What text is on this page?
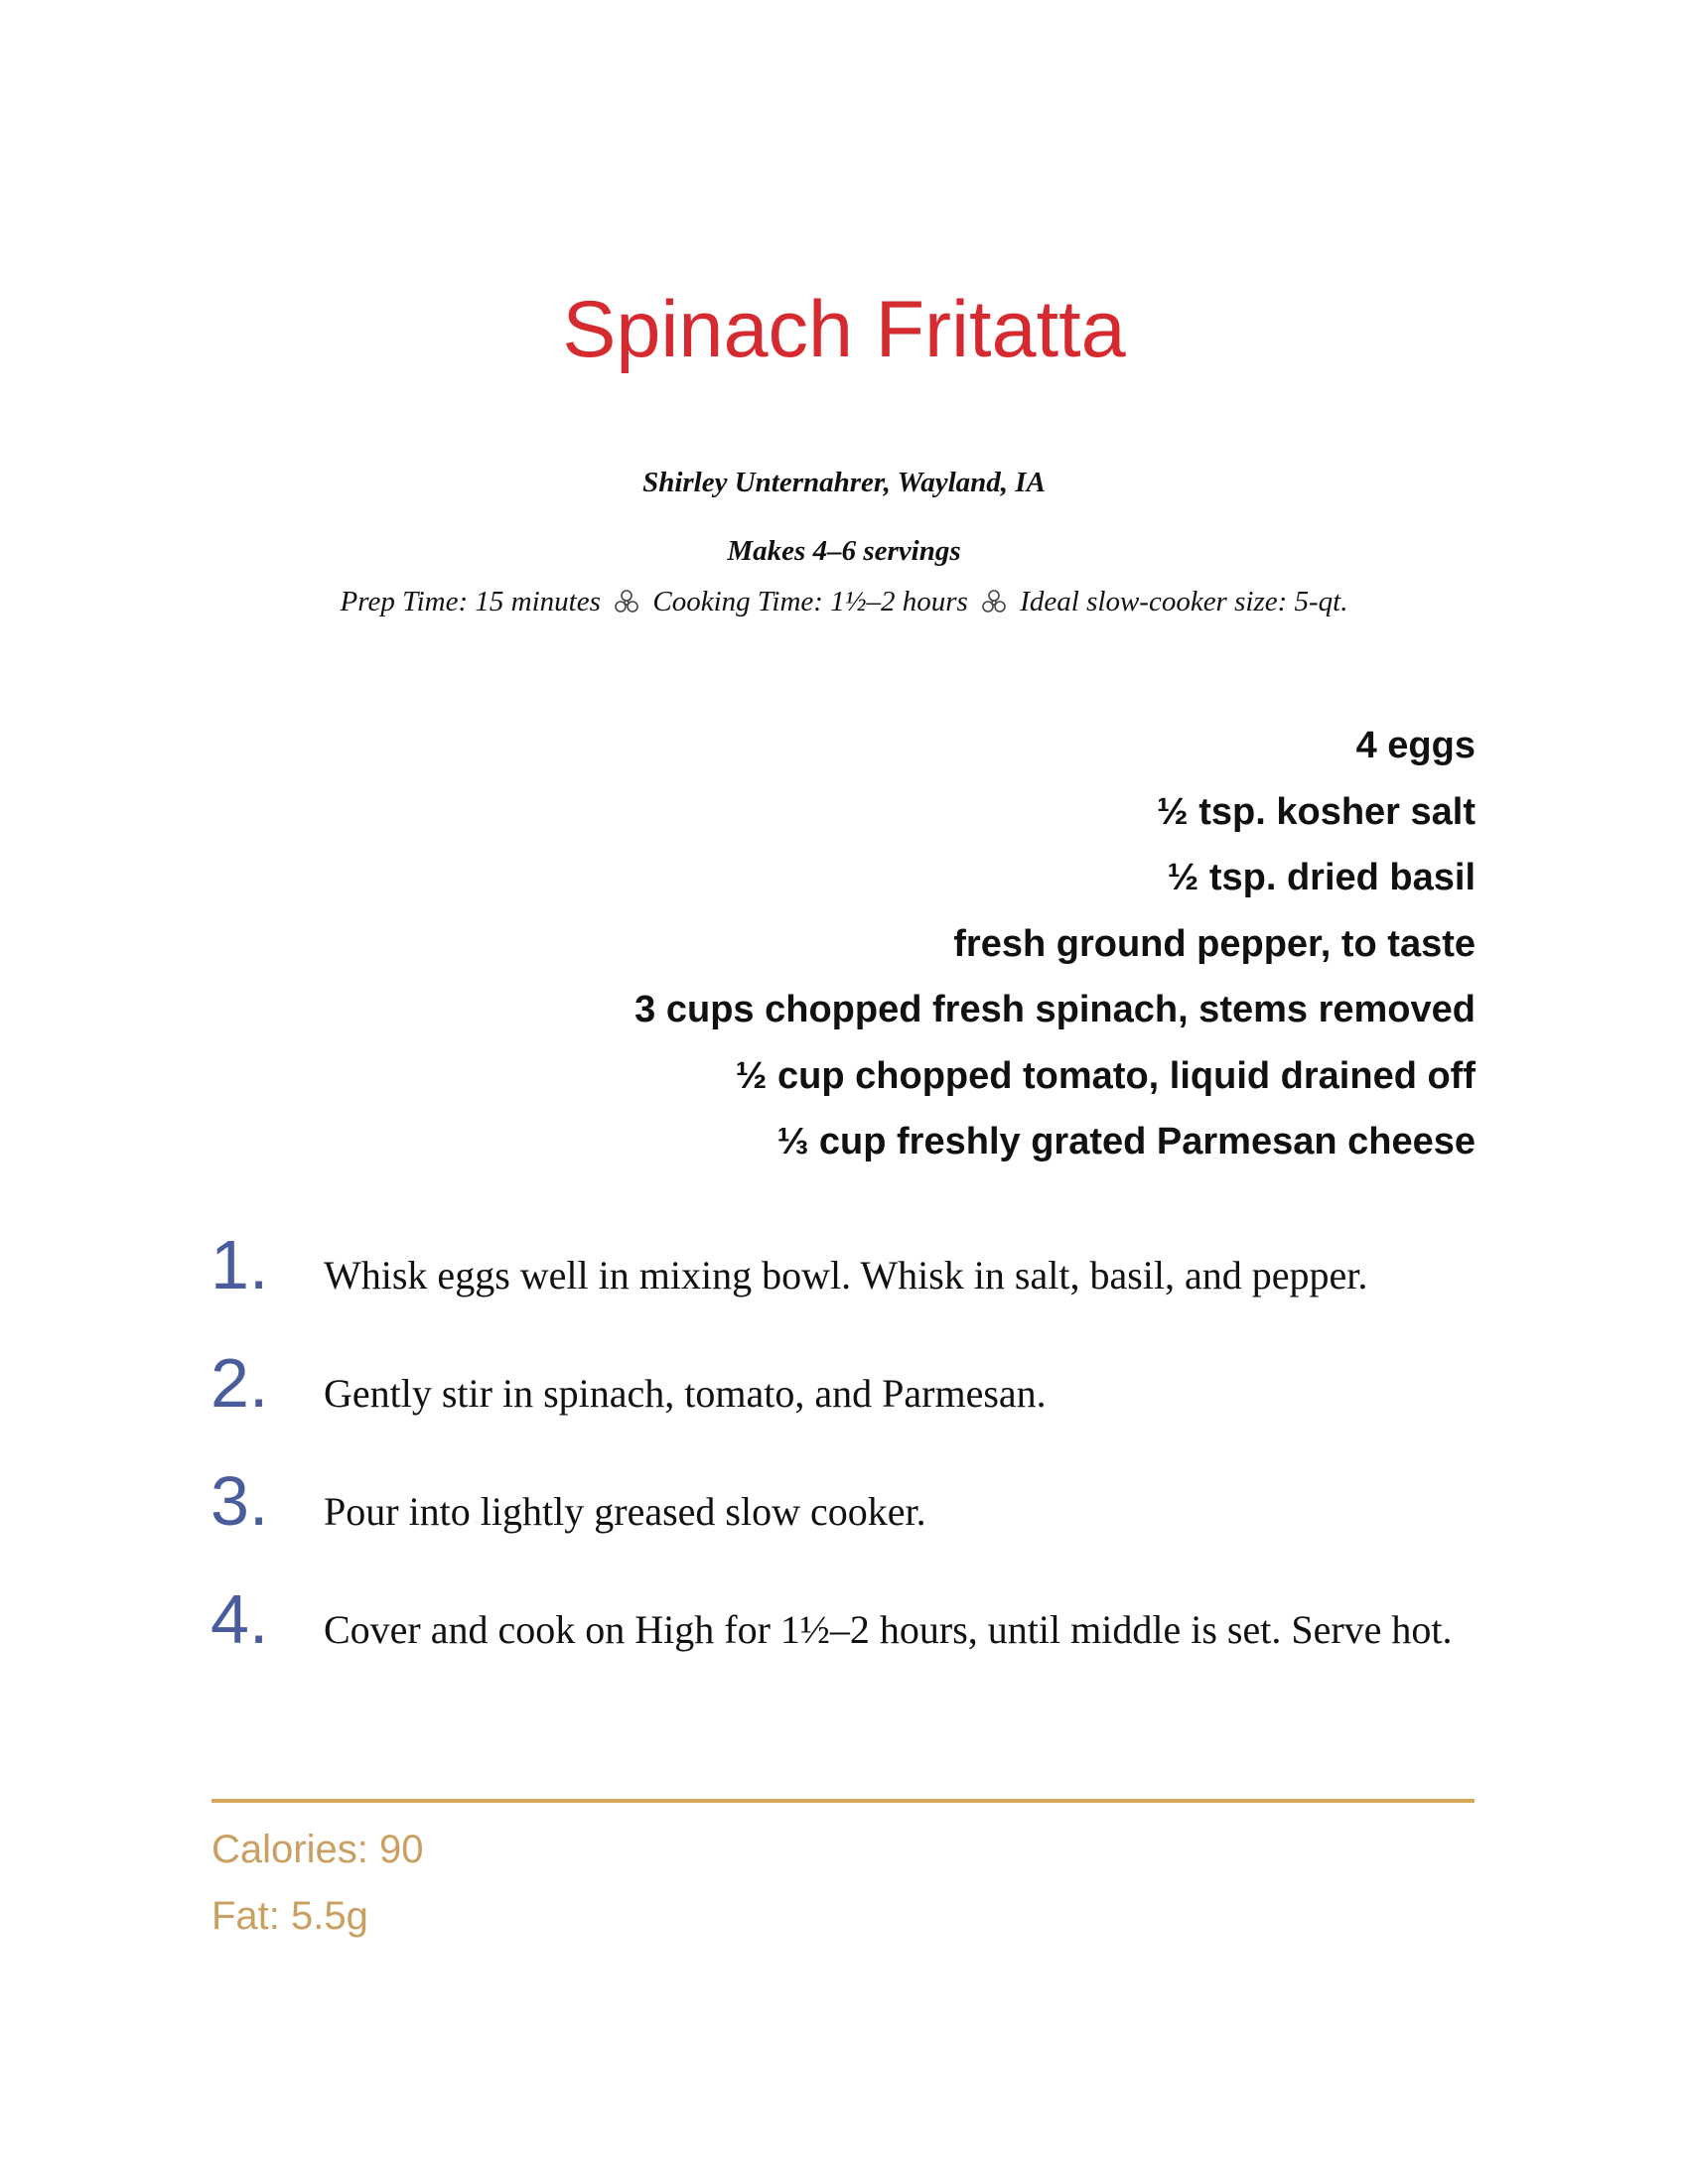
Spinach Fritatta
Shirley Unternahrer, Wayland, IA
Makes 4–6 servings
Prep Time: 15 minutes Cooking Time: 1½–2 hours Ideal slow-cooker size: 5-qt.
4 eggs
½ tsp. kosher salt
½ tsp. dried basil
fresh ground pepper, to taste
3 cups chopped fresh spinach, stems removed
½ cup chopped tomato, liquid drained off
⅓ cup freshly grated Parmesan cheese
1. Whisk eggs well in mixing bowl. Whisk in salt, basil, and pepper.
2. Gently stir in spinach, tomato, and Parmesan.
3. Pour into lightly greased slow cooker.
4. Cover and cook on High for 1½–2 hours, until middle is set. Serve hot.
Calories: 90
Fat: 5.5g
